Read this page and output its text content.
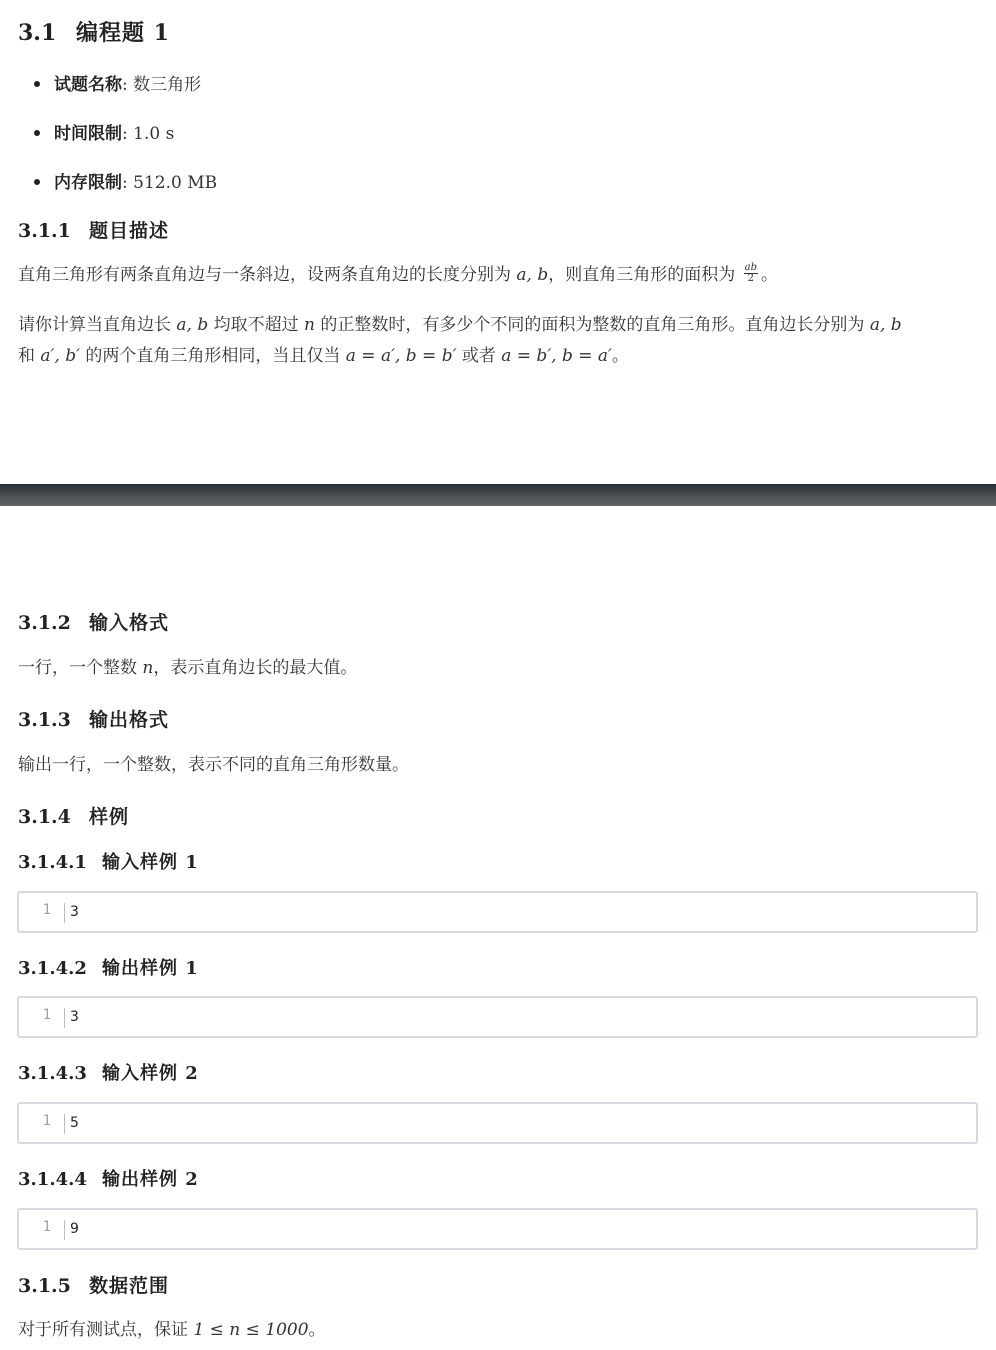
3.1 编程题 1
试题名称: 数三角形
时间限制: 1.0 s
内存限制: 512.0 MB
3.1.1 题目描述
直角三角形有两条直角边与一条斜边，设两条直角边的长度分别为 a, b，则直角三角形的面积为 $\frac{ab}{2}$ 。
请你计算当直角边长 a, b 均取不超过 n 的正整数时，有多少个不同的面积为整数的直角三角形。直角边长分别为 a, b
和 a′, b′ 的两个直角三角形相同，当且仅当 a = a′, b = b′ 或者 a = b′, b = a′。
3.1.2 输入格式
一行，一个整数 n，表示直角边长的最大值。
3.1.3 输出格式
输出一行，一个整数，表示不同的直角三角形数量。
3.1.4 样例
3.1.4.1 输入样例 1
1 3
3.1.4.2 输出样例 1
1 3
3.1.4.3 输入样例 2
1 5
3.1.4.4 输出样例 2
1 9
3.1.5 数据范围
对于所有测试点，保证 1 ≤ n ≤ 1000。
